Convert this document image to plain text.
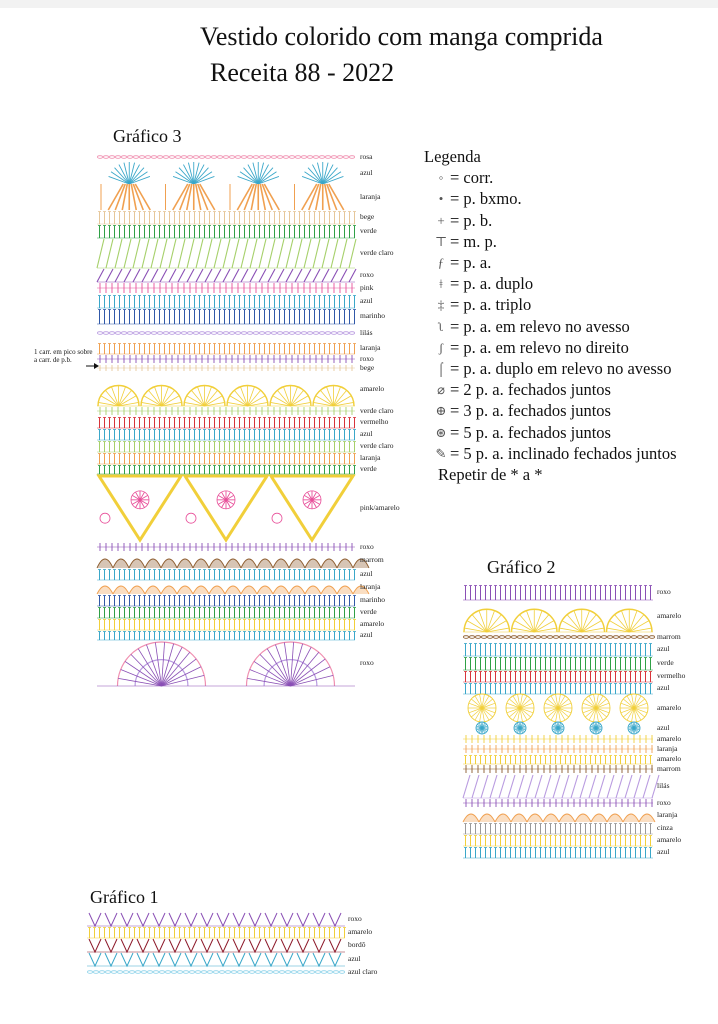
Vestido colorido com manga comprida
Receita 88 - 2022
Gráfico 3
Gráfico 2
Gráfico 1
1 carr. em pico sobre a carr. de p.b.
Legenda
◦ = corr.
• = p. bxmo.
+ = p. b.
⊤ = m. p.
ƒ = p. a.
ǂ = p. a. duplo
‡ = p. a. triplo
ʅ = p. a. em relevo no avesso
ʃ = p. a. em relevo no direito
⌠ = p. a. duplo em relevo no avesso
⌀ = 2 p. a. fechados juntos
⊕ = 3 p. a. fechados juntos
⊛ = 5 p. a. fechados juntos
✎ = 5 p. a. inclinado fechados juntos
Repetir de * a *
rosa
azul
laranja
bege
verde
verde claro
roxo
pink
azul
marinho
lilás
laranja
roxo
bege
amarelo
verde claro
vermelho
azul
verde claro
laranja
verde
pink/amarelo
roxo
marrom
azul
laranja
marinho
verde
amarelo
azul
roxo
roxo
amarelo
marrom
azul
verde
vermelho
azul
amarelo
azul
amarelo
laranja
amarelo
marrom
lilás
roxo
laranja
cinza
amarelo
azul
roxo
amarelo
bordô
azul
azul claro
